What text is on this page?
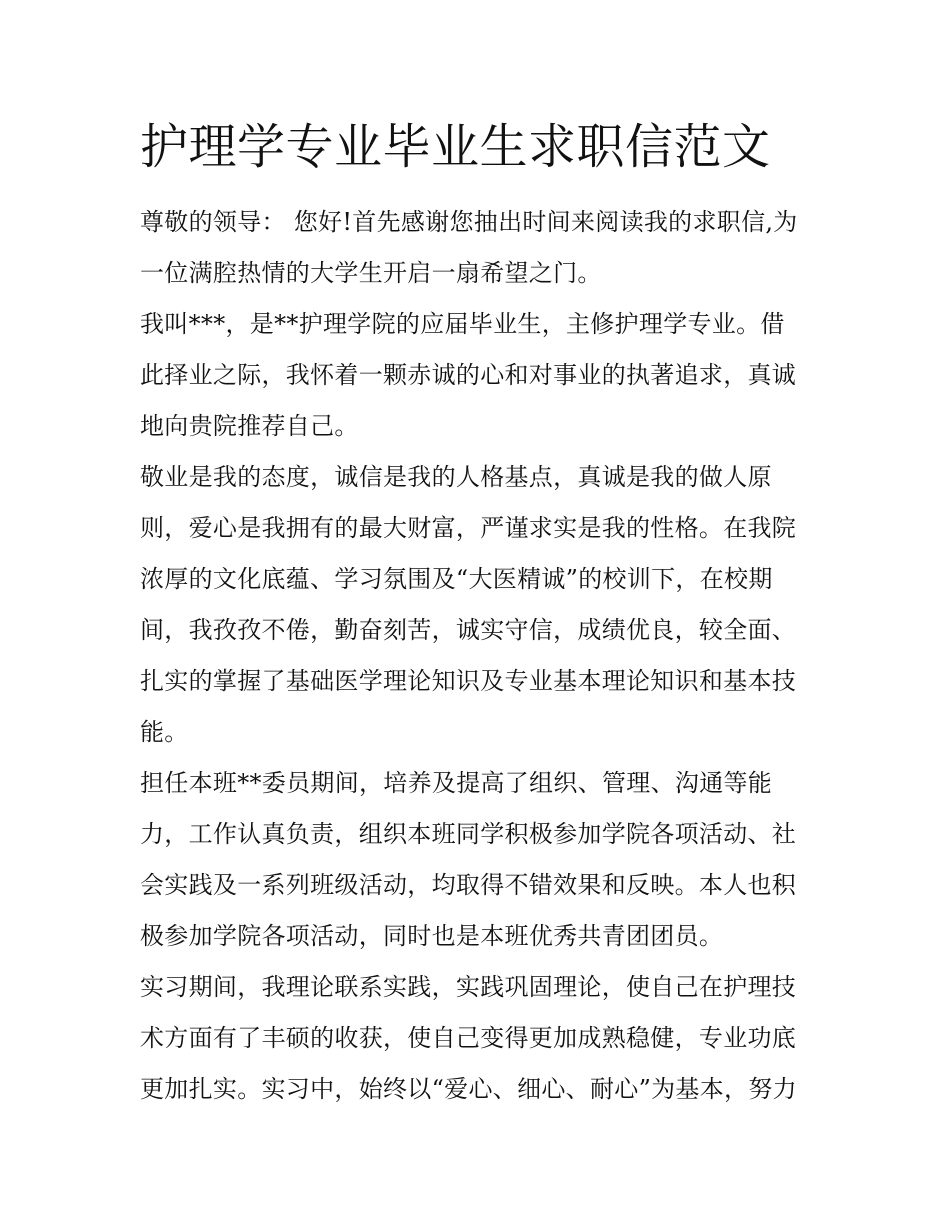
护理学专业毕业生求职信范文
尊敬的领导： 您好!首先感谢您抽出时间来阅读我的求职信,为
一位满腔热情的大学生开启一扇希望之门。
我叫***，是**护理学院的应届毕业生，主修护理学专业。借
此择业之际，我怀着一颗赤诚的心和对事业的执著追求，真诚
地向贵院推荐自己。
敬业是我的态度，诚信是我的人格基点，真诚是我的做人原
则，爱心是我拥有的最大财富，严谨求实是我的性格。在我院
浓厚的文化底蕴、学习氛围及“大医精诚”的校训下，在校期
间，我孜孜不倦，勤奋刻苦，诚实守信，成绩优良，较全面、
扎实的掌握了基础医学理论知识及专业基本理论知识和基本技
能。
担任本班**委员期间，培养及提高了组织、管理、沟通等能
力，工作认真负责，组织本班同学积极参加学院各项活动、社
会实践及一系列班级活动，均取得不错效果和反映。本人也积
极参加学院各项活动，同时也是本班优秀共青团团员。
实习期间，我理论联系实践，实践巩固理论，使自己在护理技
术方面有了丰硕的收获，使自己变得更加成熟稳健，专业功底
更加扎实。实习中，始终以“爱心、细心、耐心”为基本，努力
